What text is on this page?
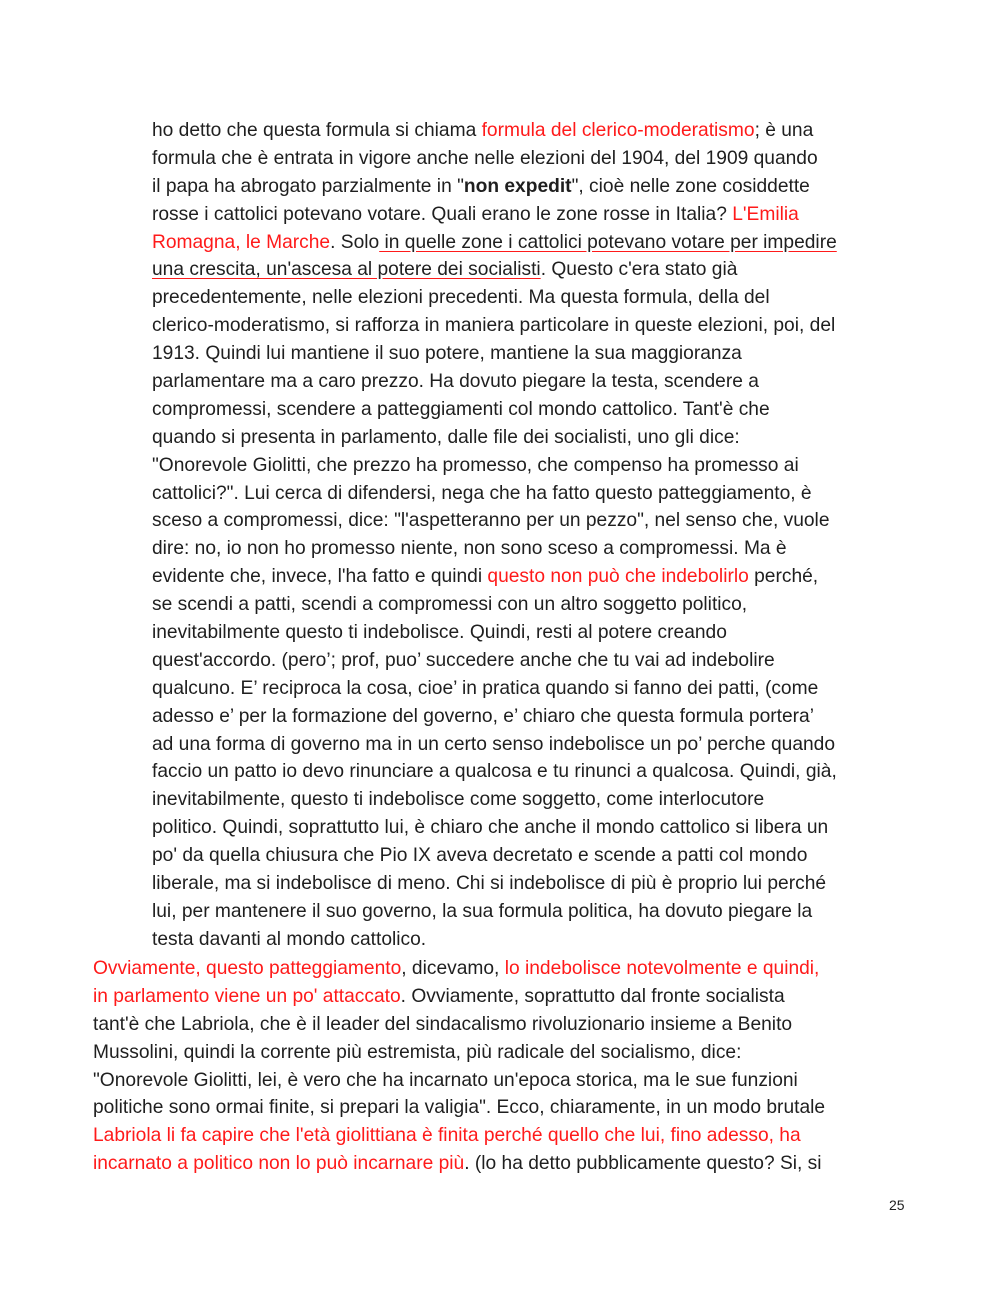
ho detto che questa formula si chiama formula del clerico-moderatismo; è una
formula che è entrata in vigore anche nelle elezioni del 1904, del 1909 quando
il papa ha abrogato parzialmente in "non expedit", cioè nelle zone cosiddette
rosse i cattolici potevano votare. Quali erano le zone rosse in Italia? L'Emilia
Romagna, le Marche. Solo in quelle zone i cattolici potevano votare per impedire
una crescita, un'ascesa al potere dei socialisti. Questo c'era stato già
precedentemente, nelle elezioni precedenti. Ma questa formula, della del
clerico-moderatismo, si rafforza in maniera particolare in queste elezioni, poi, del
1913. Quindi lui mantiene il suo potere, mantiene la sua maggioranza
parlamentare ma a caro prezzo. Ha dovuto piegare la testa, scendere a
compromessi, scendere a patteggiamenti col mondo cattolico. Tant'è che
quando si presenta in parlamento, dalle file dei socialisti, uno gli dice:
"Onorevole Giolitti, che prezzo ha promesso, che compenso ha promesso ai
cattolici?". Lui cerca di difendersi, nega che ha fatto questo patteggiamento, è
sceso a compromessi, dice: "l'aspetteranno per un pezzo", nel senso che, vuole
dire: no, io non ho promesso niente, non sono sceso a compromessi. Ma è
evidente che, invece, l'ha fatto e quindi questo non può che indebolirlo perché,
se scendi a patti, scendi a compromessi con un altro soggetto politico,
inevitabilmente questo ti indebolisce. Quindi, resti al potere creando
quest'accordo. (pero’; prof, puo’ succedere anche che tu vai ad indebolire
qualcuno. E’ reciproca la cosa, cioe’ in pratica quando si fanno dei patti, (come
adesso e’ per la formazione del governo, e’ chiaro che questa formula portera’
ad una forma di governo ma in un certo senso indebolisce un po’ perche quando
faccio un patto io devo rinunciare a qualcosa e tu rinunci a qualcosa. Quindi, già,
inevitabilmente, questo ti indebolisce come soggetto, come interlocutore
politico. Quindi, soprattutto lui, è chiaro che anche il mondo cattolico si libera un
po' da quella chiusura che Pio IX aveva decretato e scende a patti col mondo
liberale, ma si indebolisce di meno. Chi si indebolisce di più è proprio lui perché
lui, per mantenere il suo governo, la sua formula politica, ha dovuto piegare la
testa davanti al mondo cattolico.
Ovviamente, questo patteggiamento, dicevamo, lo indebolisce notevolmente e quindi,
in parlamento viene un po' attaccato. Ovviamente, soprattutto dal fronte socialista
tant'è che Labriola, che è il leader del sindacalismo rivoluzionario insieme a Benito
Mussolini, quindi la corrente più estremista, più radicale del socialismo, dice:
"Onorevole Giolitti, lei, è vero che ha incarnato un'epoca storica, ma le sue funzioni
politiche sono ormai finite, si prepari la valigia". Ecco, chiaramente, in un modo brutale
Labriola li fa capire che l'età giolittiana è finita perché quello che lui, fino adesso, ha
incarnato a politico non lo può incarnare più. (lo ha detto pubblicamente questo? Si, si
25
